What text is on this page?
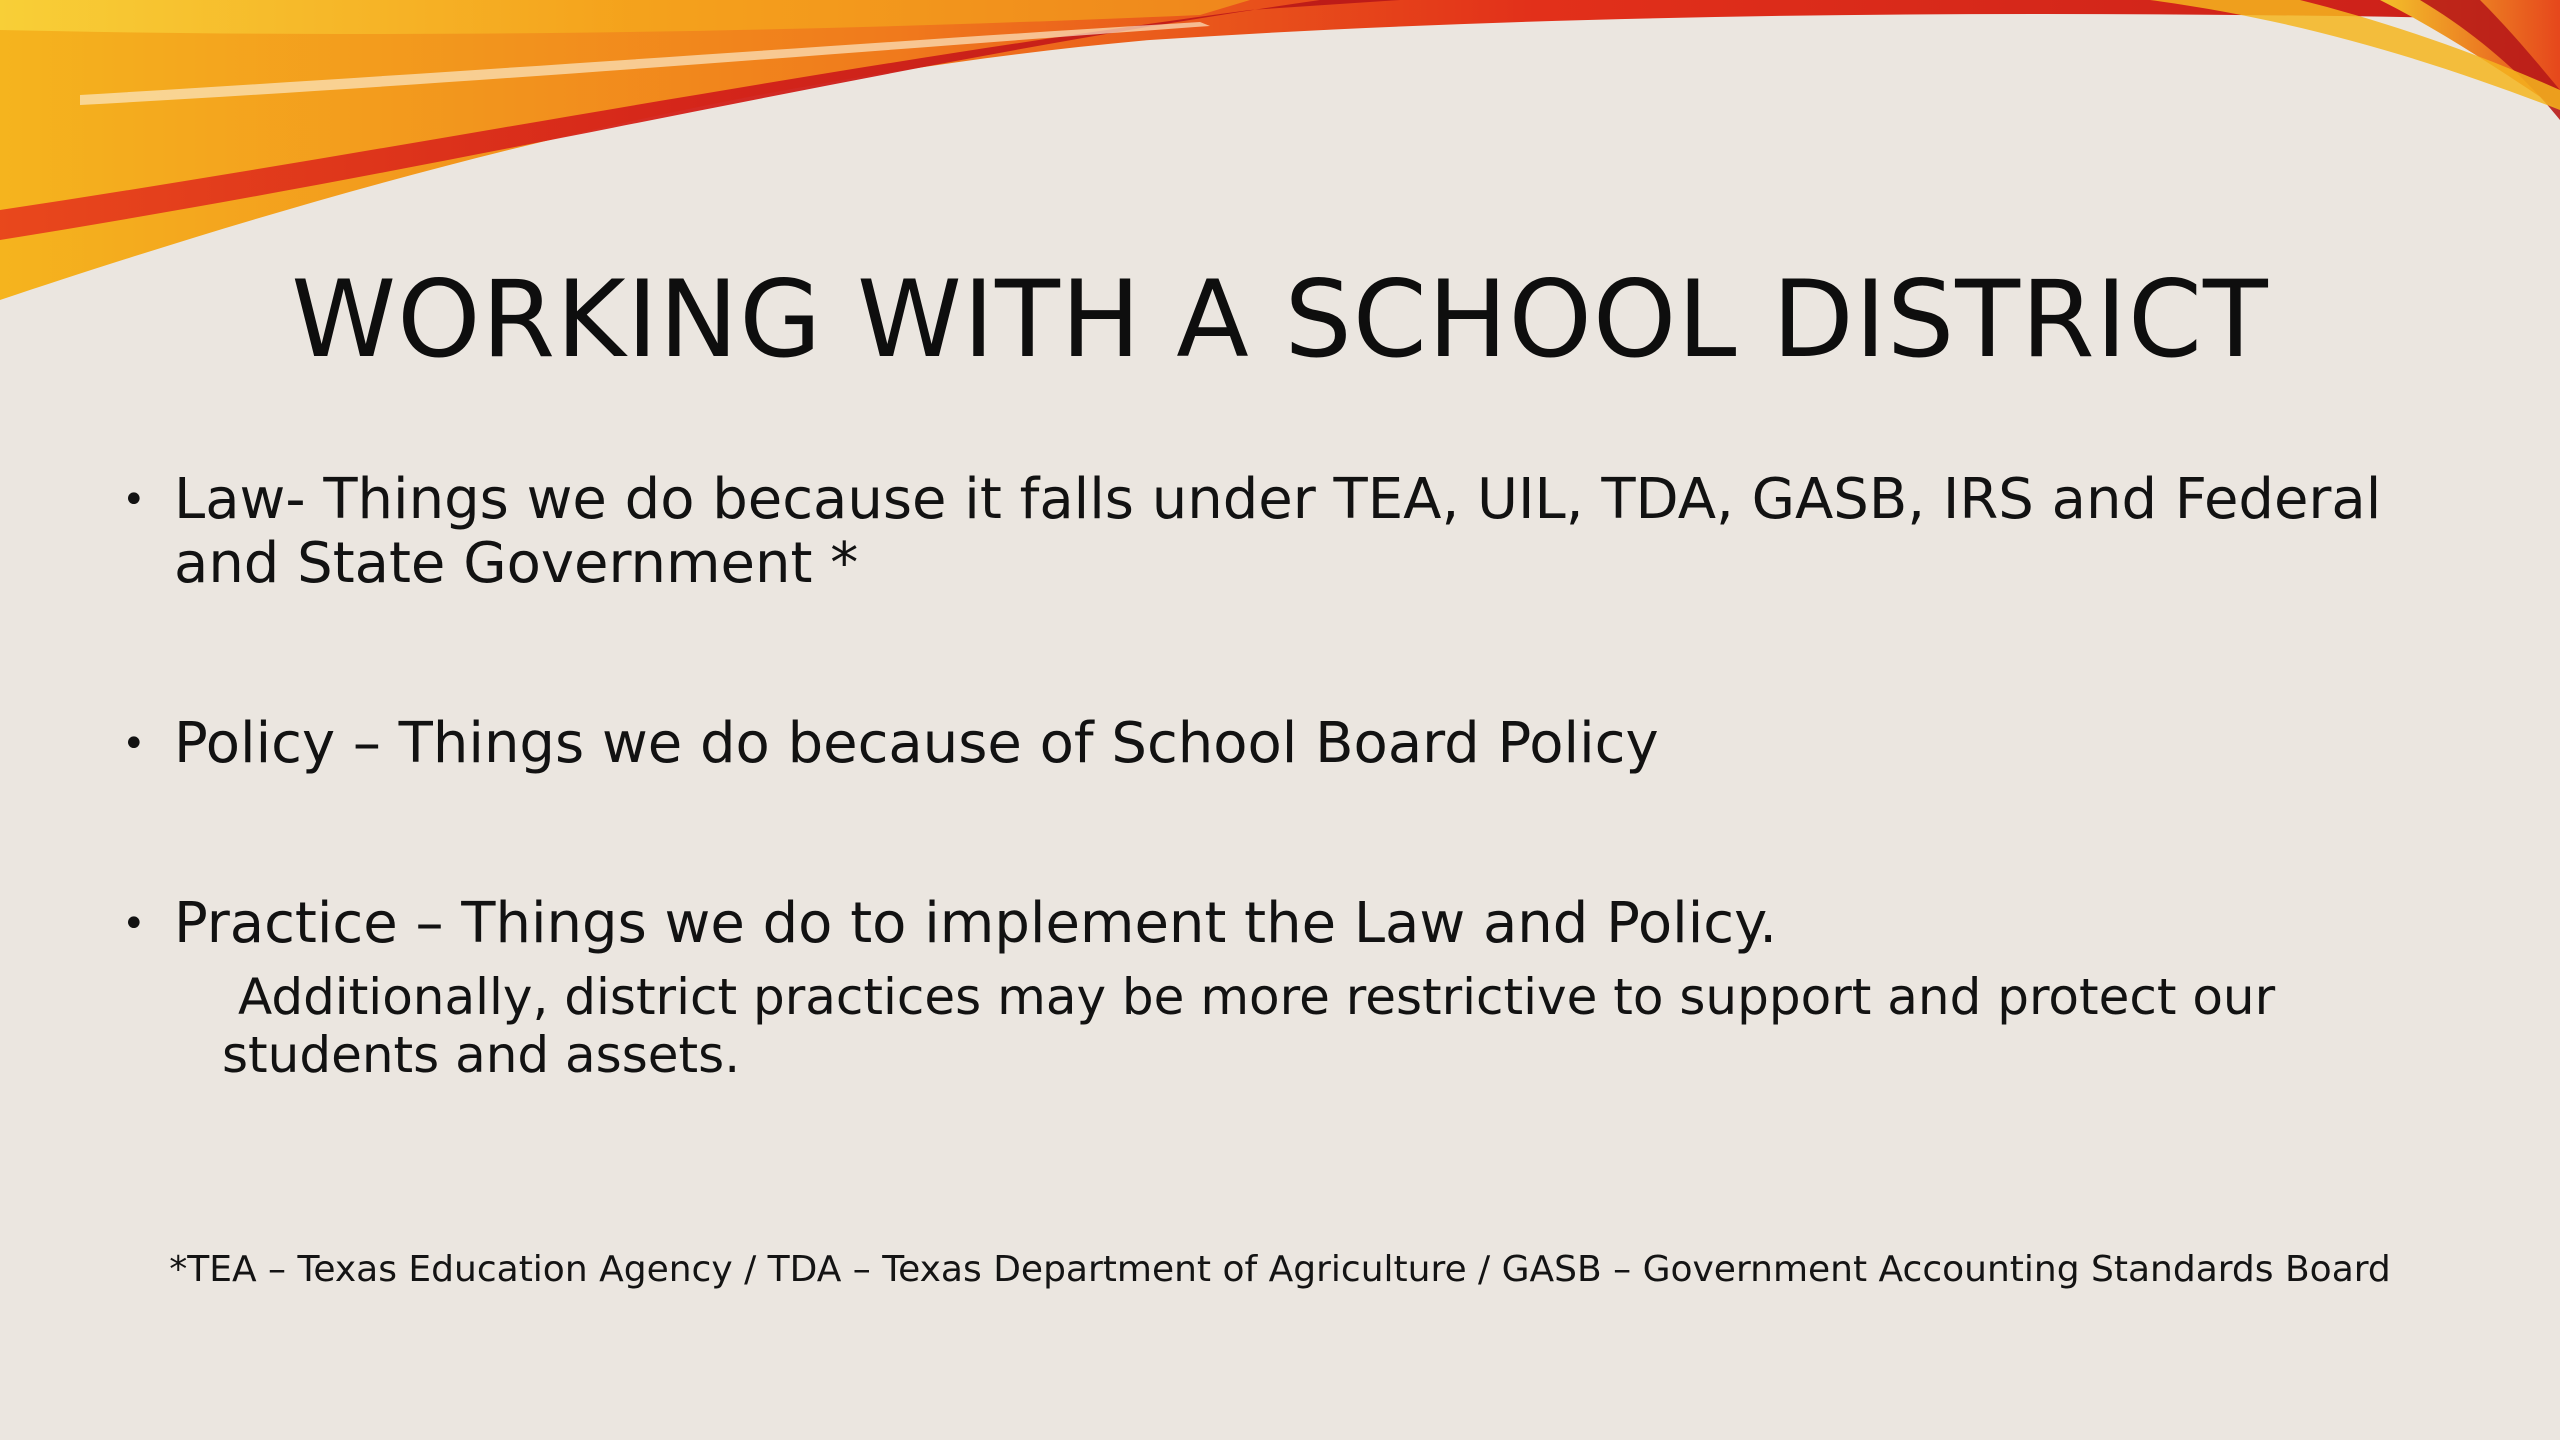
WORKING WITH A SCHOOL DISTRICT
• Law- Things we do because it falls under TEA, UIL, TDA, GASB, IRS and Federal and State Government *
• Policy – Things we do because of School Board Policy
• Practice – Things we do to implement the Law and Policy.
Additionally, district practices may be more restrictive to support and protect our students and assets.
*TEA – Texas Education Agency / TDA – Texas Department of Agriculture / GASB – Government Accounting Standards Board
